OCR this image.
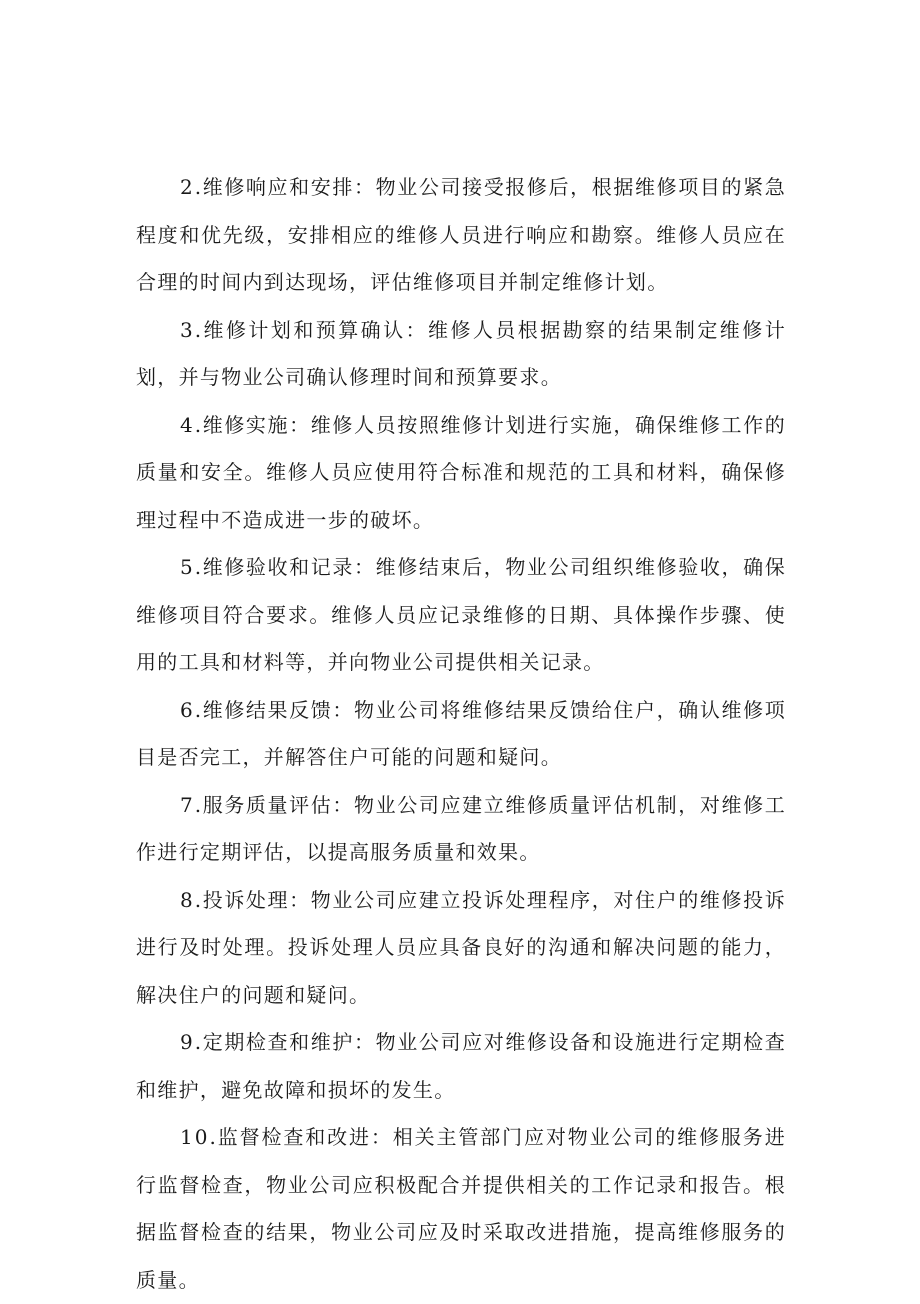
2.维修响应和安排：物业公司接受报修后，根据维修项目的紧急程度和优先级，安排相应的维修人员进行响应和勘察。维修人员应在合理的时间内到达现场，评估维修项目并制定维修计划。

3.维修计划和预算确认：维修人员根据勘察的结果制定维修计划，并与物业公司确认修理时间和预算要求。

4.维修实施：维修人员按照维修计划进行实施，确保维修工作的质量和安全。维修人员应使用符合标准和规范的工具和材料，确保修理过程中不造成进一步的破坏。

5.维修验收和记录：维修结束后，物业公司组织维修验收，确保维修项目符合要求。维修人员应记录维修的日期、具体操作步骤、使用的工具和材料等，并向物业公司提供相关记录。

6.维修结果反馈：物业公司将维修结果反馈给住户，确认维修项目是否完工，并解答住户可能的问题和疑问。

7.服务质量评估：物业公司应建立维修质量评估机制，对维修工作进行定期评估，以提高服务质量和效果。

8.投诉处理：物业公司应建立投诉处理程序，对住户的维修投诉进行及时处理。投诉处理人员应具备良好的沟通和解决问题的能力，解决住户的问题和疑问。

9.定期检查和维护：物业公司应对维修设备和设施进行定期检查和维护，避免故障和损坏的发生。

10.监督检查和改进：相关主管部门应对物业公司的维修服务进行监督检查，物业公司应积极配合并提供相关的工作记录和报告。根据监督检查的结果，物业公司应及时采取改进措施，提高维修服务的质量。
